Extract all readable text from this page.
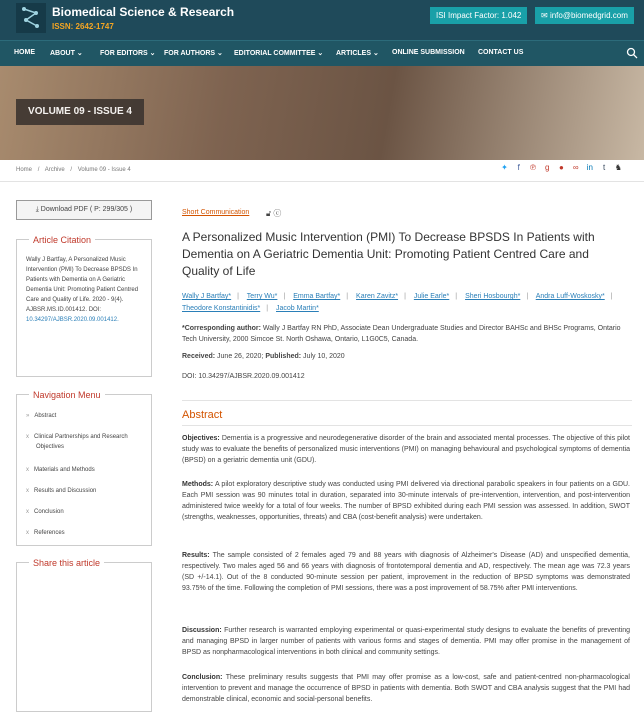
Biomedical Science & Research
ISSN: 2642-1747
ISI Impact Factor: 1.042	✉ info@biomedgrid.com
HOME ABOUT ⌄ FOR EDITORS ⌄ FOR AUTHORS ⌄ EDITORIAL COMMITTEE ⌄ ARTICLES ⌄ ONLINE SUBMISSION CONTACT US
VOLUME 09 - ISSUE 4
Home / Archive / Volume 09 - Issue 4	✦ f ℗ g ● ∞ in t ♞
⤓ Download PDF ( P: 299/305 )
Article Citation
Wally J Bartfay, A Personalized Music Intervention (PMI) To Decrease BPSDS In Patients with Dementia on A Geriatric Dementia Unit: Promoting Patient Centred Care and Quality of Life. 2020 - 9(4). AJBSR.MS.ID.001412. DOI: 10.34297/AJBSR.2020.09.001412.
Navigation Menu
» Abstract
x Clinical Partnerships and Research Objectives
x Materials and Methods
x Results and Discussion
x Conclusion
x References
Share this article
Short Communication 🔓︎ ⓒ
A Personalized Music Intervention (PMI) To Decrease BPSDS In Patients with Dementia on A Geriatric Dementia Unit: Promoting Patient Centred Care and Quality of Life
Wally J Bartfay* | Terry Wu* | Emma Bartfay* | Karen Zavitz* | Julie Earle* | Sheri Hosbourgh* | Andra Luff-Woskosky* | Theodore Konstantinidis* | Jacob Martin*
*Corresponding author: Wally J Bartfay RN PhD, Associate Dean Undergraduate Studies and Director BAHSc and BHSc Programs, Ontario Tech University, 2000 Simcoe St. North Oshawa, Ontario, L1G0C5, Canada.
Received: June 26, 2020; Published: July 10, 2020
DOI: 10.34297/AJBSR.2020.09.001412
Abstract
Objectives: Dementia is a progressive and neurodegenerative disorder of the brain and associated mental processes. The objective of this pilot study was to evaluate the benefits of personalized music interventions (PMI) on managing behavioural and psychological symptoms of dementia (BPSD) on a geriatric dementia unit (GDU).
Methods: A pilot exploratory descriptive study was conducted using PMI delivered via directional parabolic speakers in four patients on a GDU. Each PMI session was 90 minutes total in duration, separated into 30-minute intervals of pre-intervention, intervention, and post-intervention administered twice weekly for a total of four weeks. The number of BPSD exhibited during each PMI session was assessed. In addition, SWOT (strengths, weaknesses, opportunities, threats) and CBA (cost-benefit analysis) were undertaken.
Results: The sample consisted of 2 females aged 79 and 88 years with diagnosis of Alzheimer's Disease (AD) and unspecified dementia, respectively. Two males aged 56 and 66 years with diagnosis of frontotemporal dementia and AD, respectively. The mean age was 72.3 years (SD +/-14.1). Out of the 8 conducted 90-minute session per patient, improvement in the reduction of BPSD symptoms was demonstrated 93.75% of the time. Following the completion of PMI sessions, there was a post improvement of 58.75% after PMI interventions.
Discussion: Further research is warranted employing experimental or quasi-experimental study designs to evaluate the benefits of preventing and managing BPSD in larger number of patients with various forms and stages of dementia. PMI may offer promise in the management of BPSD as nonpharmacological interventions in both clinical and community settings.
Conclusion: These preliminary results suggests that PMI may offer promise as a low-cost, safe and patient-centred non-pharmacological intervention to prevent and manage the occurrence of BPSD in patients with dementia. Both SWOT and CBA analysis suggest that the PMI had demonstrable clinical, economic and social-personal benefits.
